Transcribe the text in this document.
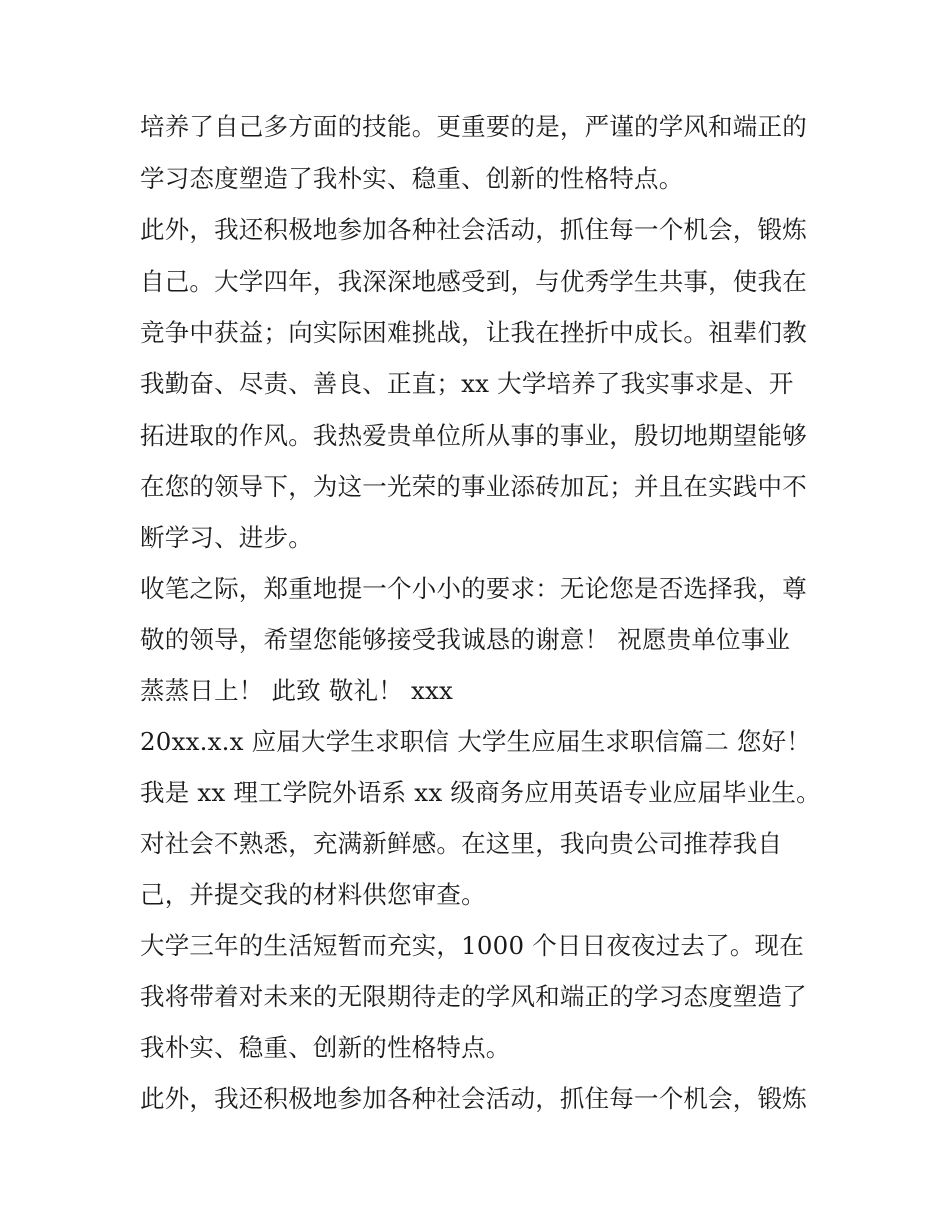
培养了自己多方面的技能。更重要的是，严谨的学风和端正的
学习态度塑造了我朴实、稳重、创新的性格特点。
此外，我还积极地参加各种社会活动，抓住每一个机会，锻炼
自己。大学四年，我深深地感受到，与优秀学生共事，使我在
竞争中获益；向实际困难挑战，让我在挫折中成长。祖辈们教
我勤奋、尽责、善良、正直；xx 大学培养了我实事求是、开
拓进取的作风。我热爱贵单位所从事的事业，殷切地期望能够
在您的领导下，为这一光荣的事业添砖加瓦；并且在实践中不
断学习、进步。
收笔之际，郑重地提一个小小的要求：无论您是否选择我，尊
敬的领导，希望您能够接受我诚恳的谢意！ 祝愿贵单位事业
蒸蒸日上！ 此致 敬礼！ xxx
20xx.x.x 应届大学生求职信 大学生应届生求职信篇二 您好！
我是 xx 理工学院外语系 xx 级商务应用英语专业应届毕业生。
对社会不熟悉，充满新鲜感。在这里，我向贵公司推荐我自
己，并提交我的材料供您审查。
大学三年的生活短暂而充实，1000 个日日夜夜过去了。现在
我将带着对未来的无限期待走的学风和端正的学习态度塑造了
我朴实、稳重、创新的性格特点。
此外，我还积极地参加各种社会活动，抓住每一个机会，锻炼
